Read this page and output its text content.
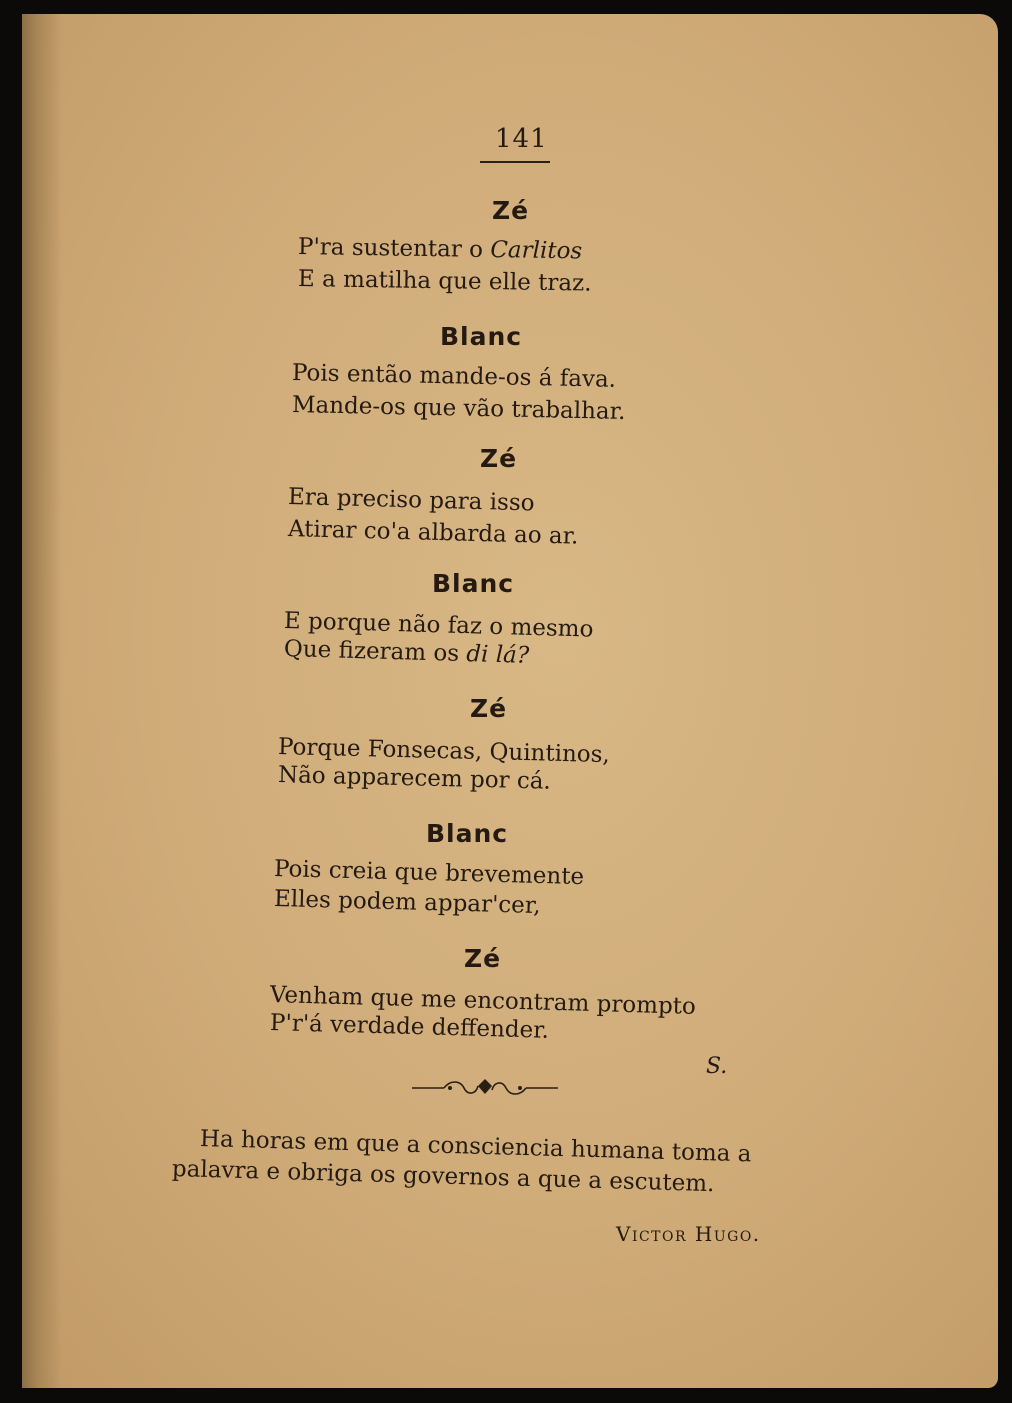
141
Zé
P'ra sustentar o Carlitos
E a matilha que elle traz.
Blanc
Pois então mande-os á fava.
Mande-os que vão trabalhar.
Zé
Era preciso para isso
Atirar co'a albarda ao ar.
Blanc
E porque não faz o mesmo
Que fizeram os di lá?
Zé
Porque Fonsecas, Quintinos,
Não apparecem por cá.
Blanc
Pois creia que brevemente
Elles podem appar'cer,
Zé
Venham que me encontram prompto
P'r'á verdade deffender.
S.
Ha horas em que a consciencia humana toma a
palavra e obriga os governos a que a escutem.
Victor Hugo.
